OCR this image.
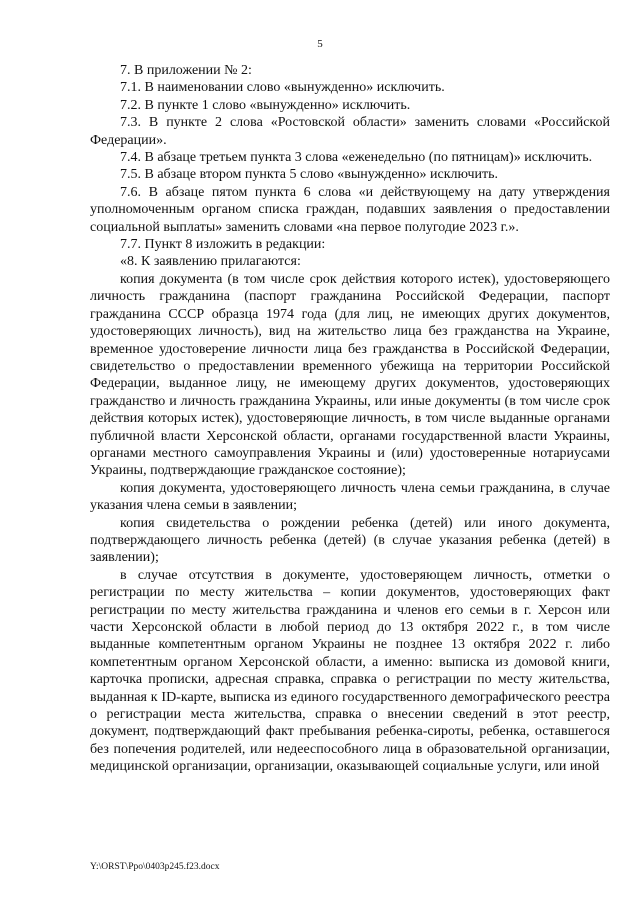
5

7. В приложении № 2:

7.1. В наименовании слово «вынужденно» исключить.

7.2. В пункте 1 слово «вынужденно» исключить.

7.3. В пункте 2 слова «Ростовской области» заменить словами «Российской Федерации».

7.4. В абзаце третьем пункта 3 слова «еженедельно (по пятницам)» исключить.

7.5. В абзаце втором пункта 5 слово «вынужденно» исключить.

7.6. В абзаце пятом пункта 6 слова «и действующему на дату утверждения уполномоченным органом списка граждан, подавших заявления о предоставлении социальной выплаты» заменить словами «на первое полугодие 2023 г.».

7.7. Пункт 8 изложить в редакции:

«8. К заявлению прилагаются:

копия документа (в том числе срок действия которого истек), удостоверяющего личность гражданина (паспорт гражданина Российской Федерации, паспорт гражданина СССР образца 1974 года (для лиц, не имеющих других документов, удостоверяющих личность), вид на жительство лица без гражданства на Украине, временное удостоверение личности лица без гражданства в Российской Федерации, свидетельство о предоставлении временного убежища на территории Российской Федерации, выданное лицу, не имеющему других документов, удостоверяющих гражданство и личность гражданина Украины, или иные документы (в том числе срок действия которых истек), удостоверяющие личность, в том числе выданные органами публичной власти Херсонской области, органами государственной власти Украины, органами местного самоуправления Украины и (или) удостоверенные нотариусами Украины, подтверждающие гражданское состояние);

копия документа, удостоверяющего личность члена семьи гражданина, в случае указания члена семьи в заявлении;

копия свидетельства о рождении ребенка (детей) или иного документа, подтверждающего личность ребенка (детей) (в случае указания ребенка (детей) в заявлении);

в случае отсутствия в документе, удостоверяющем личность, отметки о регистрации по месту жительства – копии документов, удостоверяющих факт регистрации по месту жительства гражданина и членов его семьи в г. Херсон или части Херсонской области в любой период до 13 октября 2022 г., в том числе выданные компетентным органом Украины не позднее 13 октября 2022 г. либо компетентным органом Херсонской области, а именно: выписка из домовой книги, карточка прописки, адресная справка, справка о регистрации по месту жительства, выданная к ID-карте, выписка из единого государственного демографического реестра о регистрации места жительства, справка о внесении сведений в этот реестр, документ, подтверждающий факт пребывания ребенка-сироты, ребенка, оставшегося без попечения родителей, или недееспособного лица в образовательной организации, медицинской организации, организации, оказывающей социальные услуги, или иной

Y:\ORST\Ppo\0403p245.f23.docx
